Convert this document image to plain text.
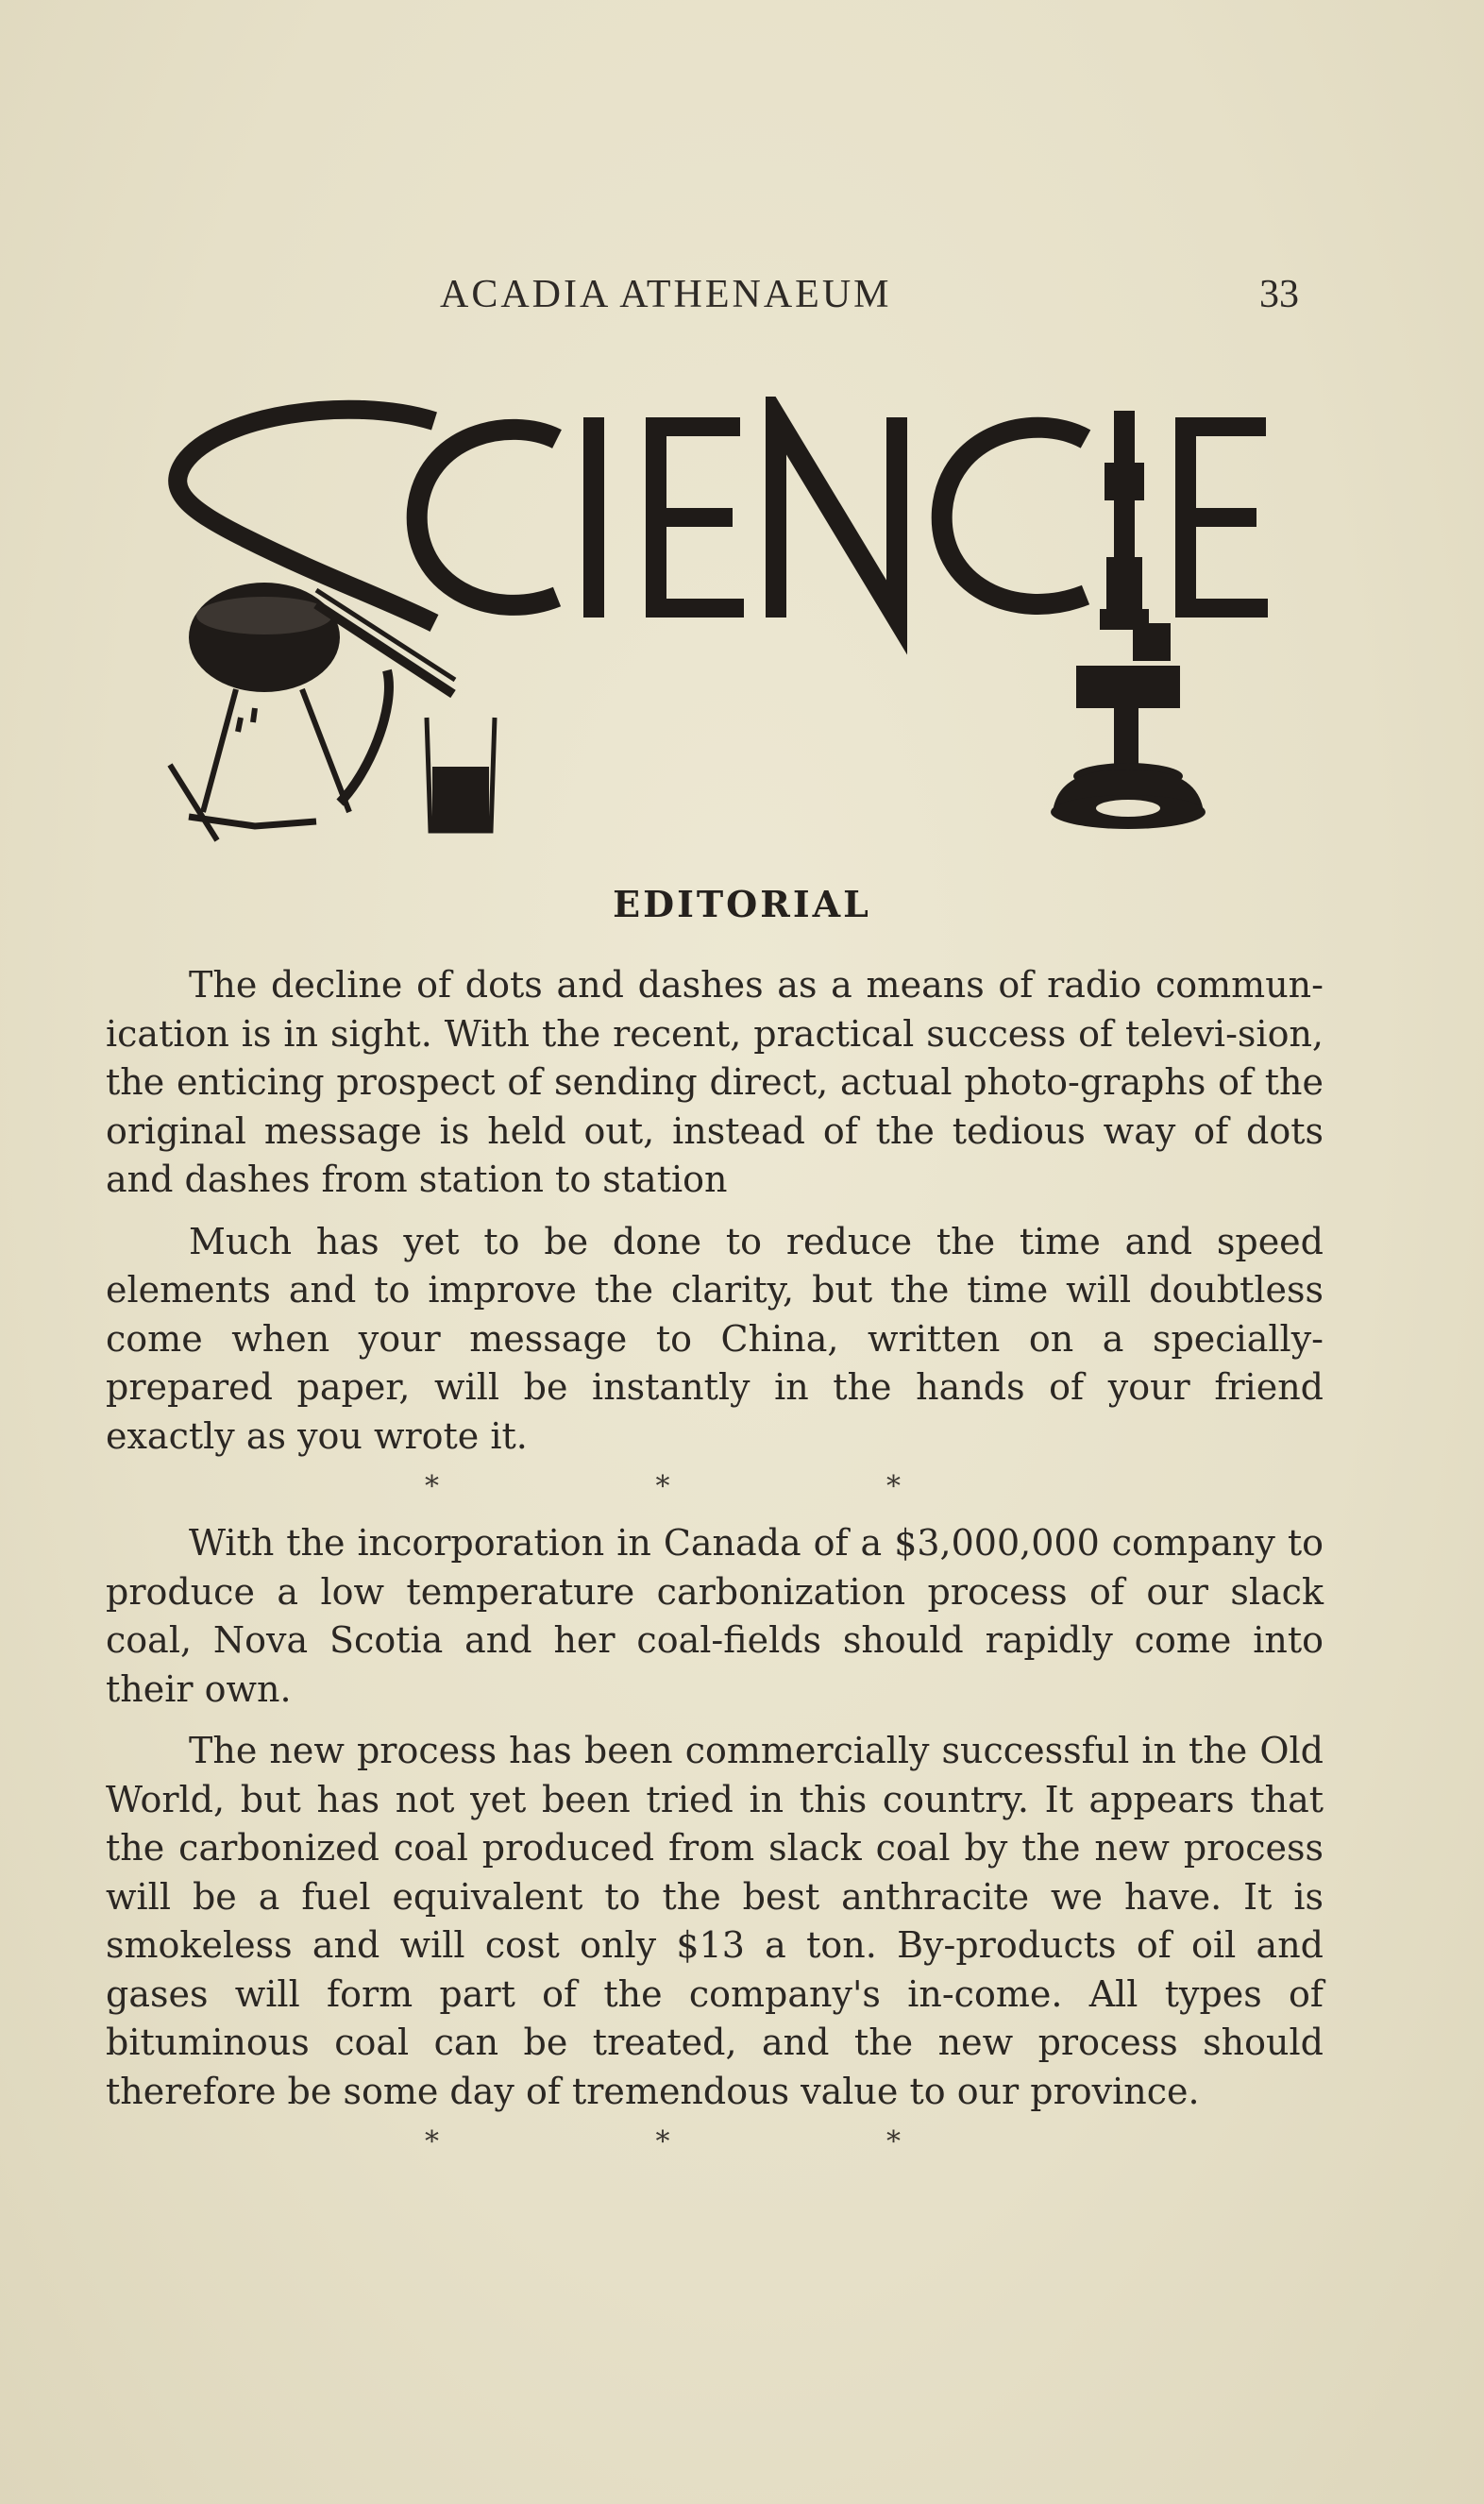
ACADIA ATHENAEUM	33
EDITORIAL

The decline of dots and dashes as a means of radio commun-ication is in sight. With the recent, practical success of televi-sion, the enticing prospect of sending direct, actual photo-graphs of the original message is held out, instead of the tedious way of dots and dashes from station to station

Much has yet to be done to reduce the time and speed elements and to improve the clarity, but the time will doubtless come when your message to China, written on a specially-prepared paper, will be instantly in the hands of your friend exactly as you wrote it.

* * *

With the incorporation in Canada of a $3,000,000 company to produce a low temperature carbonization process of our slack coal, Nova Scotia and her coal-fields should rapidly come into their own.

The new process has been commercially successful in the Old World, but has not yet been tried in this country. It appears that the carbonized coal produced from slack coal by the new process will be a fuel equivalent to the best anthracite we have. It is smokeless and will cost only $13 a ton. By-products of oil and gases will form part of the company's in-come. All types of bituminous coal can be treated, and the new process should therefore be some day of tremendous value to our province.

* * *
